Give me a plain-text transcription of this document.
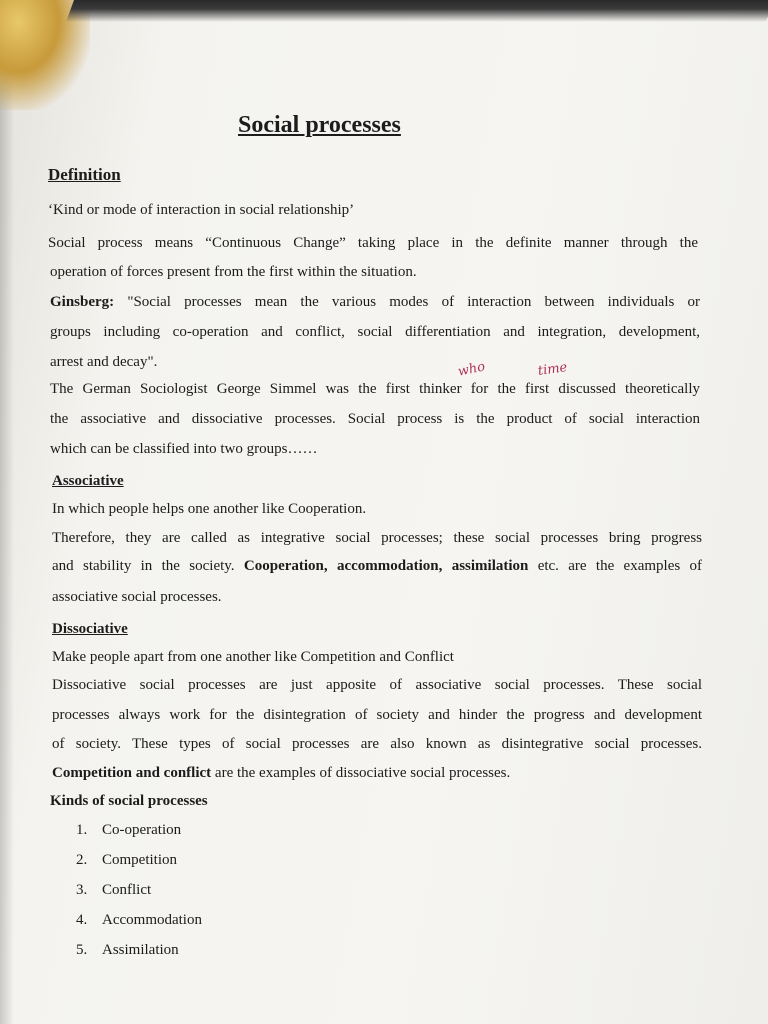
Social processes
Definition
‘Kind or mode of interaction in social relationship’
Social process means “Continuous Change” taking place in the definite manner through the
operation of forces present from the first within the situation.
Ginsberg: "Social processes mean the various modes of interaction between individuals or
groups including co-operation and conflict, social differentiation and integration, development,
arrest and decay".	who	time
The German Sociologist George Simmel was the first thinker for the first discussed theoretically
the associative and dissociative processes. Social process is the product of social interaction
which can be classified into two groups……
Associative
In which people helps one another like Cooperation.
Therefore, they are called as integrative social processes; these social processes bring progress
and stability in the society. Cooperation, accommodation, assimilation etc. are the examples of
associative social processes.
Dissociative
Make people apart from one another like Competition and Conflict
Dissociative social processes are just apposite of associative social processes. These social
processes always work for the disintegration of society and hinder the progress and development
of society. These types of social processes are also known as disintegrative social processes.
Competition and conflict are the examples of dissociative social processes.
Kinds of social processes
1. Co-operation
2. Competition
3. Conflict
4. Accommodation
5. Assimilation
